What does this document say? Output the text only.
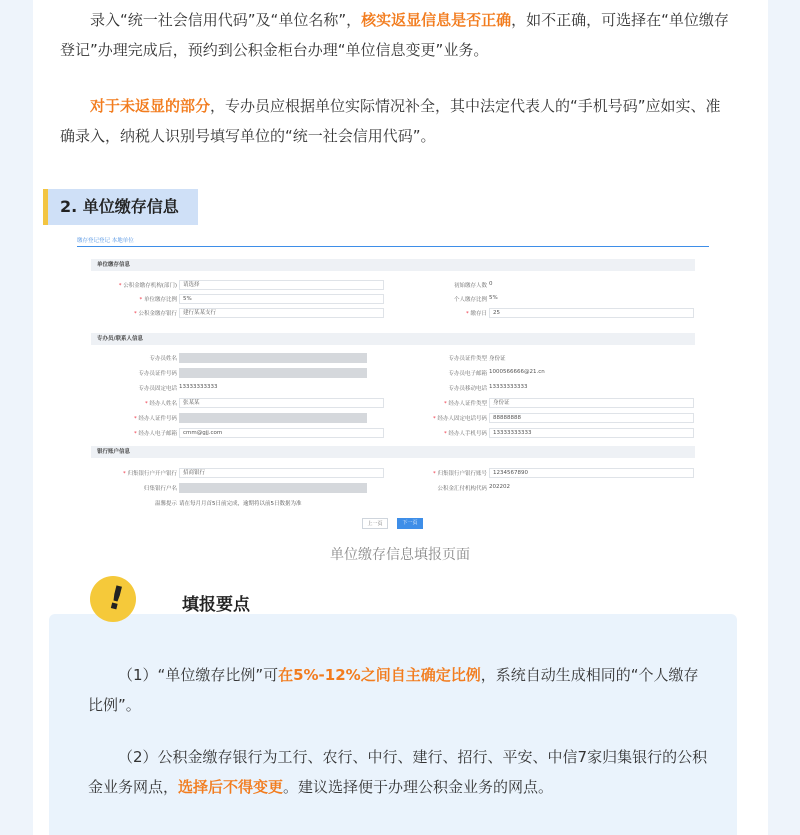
录入“统一社会信用代码”及“单位名称”，核实返显信息是否正确，如不正确，可选择在“单位缴存登记”办理完成后，预约到公积金柜台办理“单位信息变更”业务。

对于未返显的部分，专办员应根据单位实际情况补全，其中法定代表人的“手机号码”应如实、准确录入，纳税人识别号填写单位的“统一社会信用代码”。

2. 单位缴存信息
缴存登记登记 本地单位
单位缴存信息
* 公积金缴存机构(部门)	请选择	初始缴存人数 0
* 单位缴存比例	5%	个人缴存比例 5%
* 公积金缴存银行	建行某某支行	* 缴存日	25
专办员/联系人信息
专办员姓名	专办员证件类型 身份证
专办员证件号码	专办员电子邮箱 1000566666@21.cn
专办员固定电话 13333333333	专办员移动电话 13333333333
* 经办人姓名	张某某	* 经办人证件类型	身份证
* 经办人证件号码	* 经办人固定电话号码	88888888
* 经办人电子邮箱	cmm@gjj.com	* 经办人手机号码	13333333333
银行账户信息
* 归集银行户开户银行	招商银行	* 归集银行户银行账号	1234567890
归集银行户名	公积金汇付机构代码 202202
温馨提示 请在每月月首5日前完成，逾期将以前5日数据为准
上一页	下一页
单位缴存信息填报页面
!	填报要点

（1）“单位缴存比例”可在5%-12%之间自主确定比例，系统自动生成相同的“个人缴存比例”。

（2）公积金缴存银行为工行、农行、中行、建行、招行、平安、中信7家归集银行的公积金业务网点，选择后不得变更。建议选择便于办理公积金业务的网点。
